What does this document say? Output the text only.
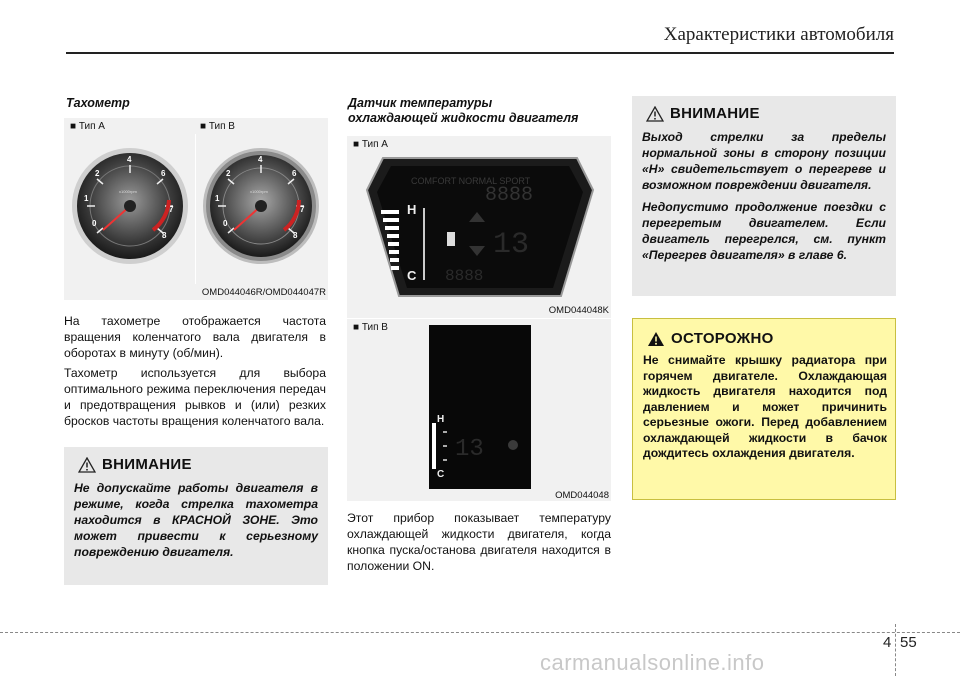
Характеристики автомобиля
Тахометр
■ Тип A	■ Тип B
0
1
2
4
6
7
8
x1000rpm
0
1
2
4
6
7
8
x1000rpm
OMD044046R/OMD044047R

На тахометре отображается частота вращения коленчатого вала двигателя в оборотах в минуту (об/мин).

Тахометр используется для выбора оптимального режима переключения передач и предотвращения рывков и (или) резких бросков частоты вращения коленчатого вала.

ВНИМАНИЕ
Не допускайте работы двигателя в режиме, когда стрелка тахометра находится в КРАСНОЙ ЗОНЕ. Это может привести к серьезному повреждению двигателя.
Датчик температуры
охлаждающей жидкости двигателя
■ Тип A
COMFORT NORMAL SPORT
8888
H
C
13
8888
OMD044048K
■ Тип B
H
C
13
OMD044048
Этот прибор показывает температуру охлаждающей жидкости двигателя, когда кнопка пуска/останова двигателя находится в положении ON.
ВНИМАНИЕ

Выход стрелки за пределы нормальной зоны в сторону позиции «H» свидетельствует о перегреве и возможном повреждении двигателя.

Недопустимо продолжение поездки с перегретым двигателем. Если двигатель перегрелся, см. пункт «Перегрев двигателя» в главе 6.

ОСТОРОЖНО
Не снимайте крышку радиатора при горячем двигателе. Охлаждающая жидкость двигателя находится под давлением и может причинить серьезные ожоги. Перед добавлением охлаждающей жидкости в бачок дождитесь охлаждения двигателя.
4 55
carmanualsonline.info
